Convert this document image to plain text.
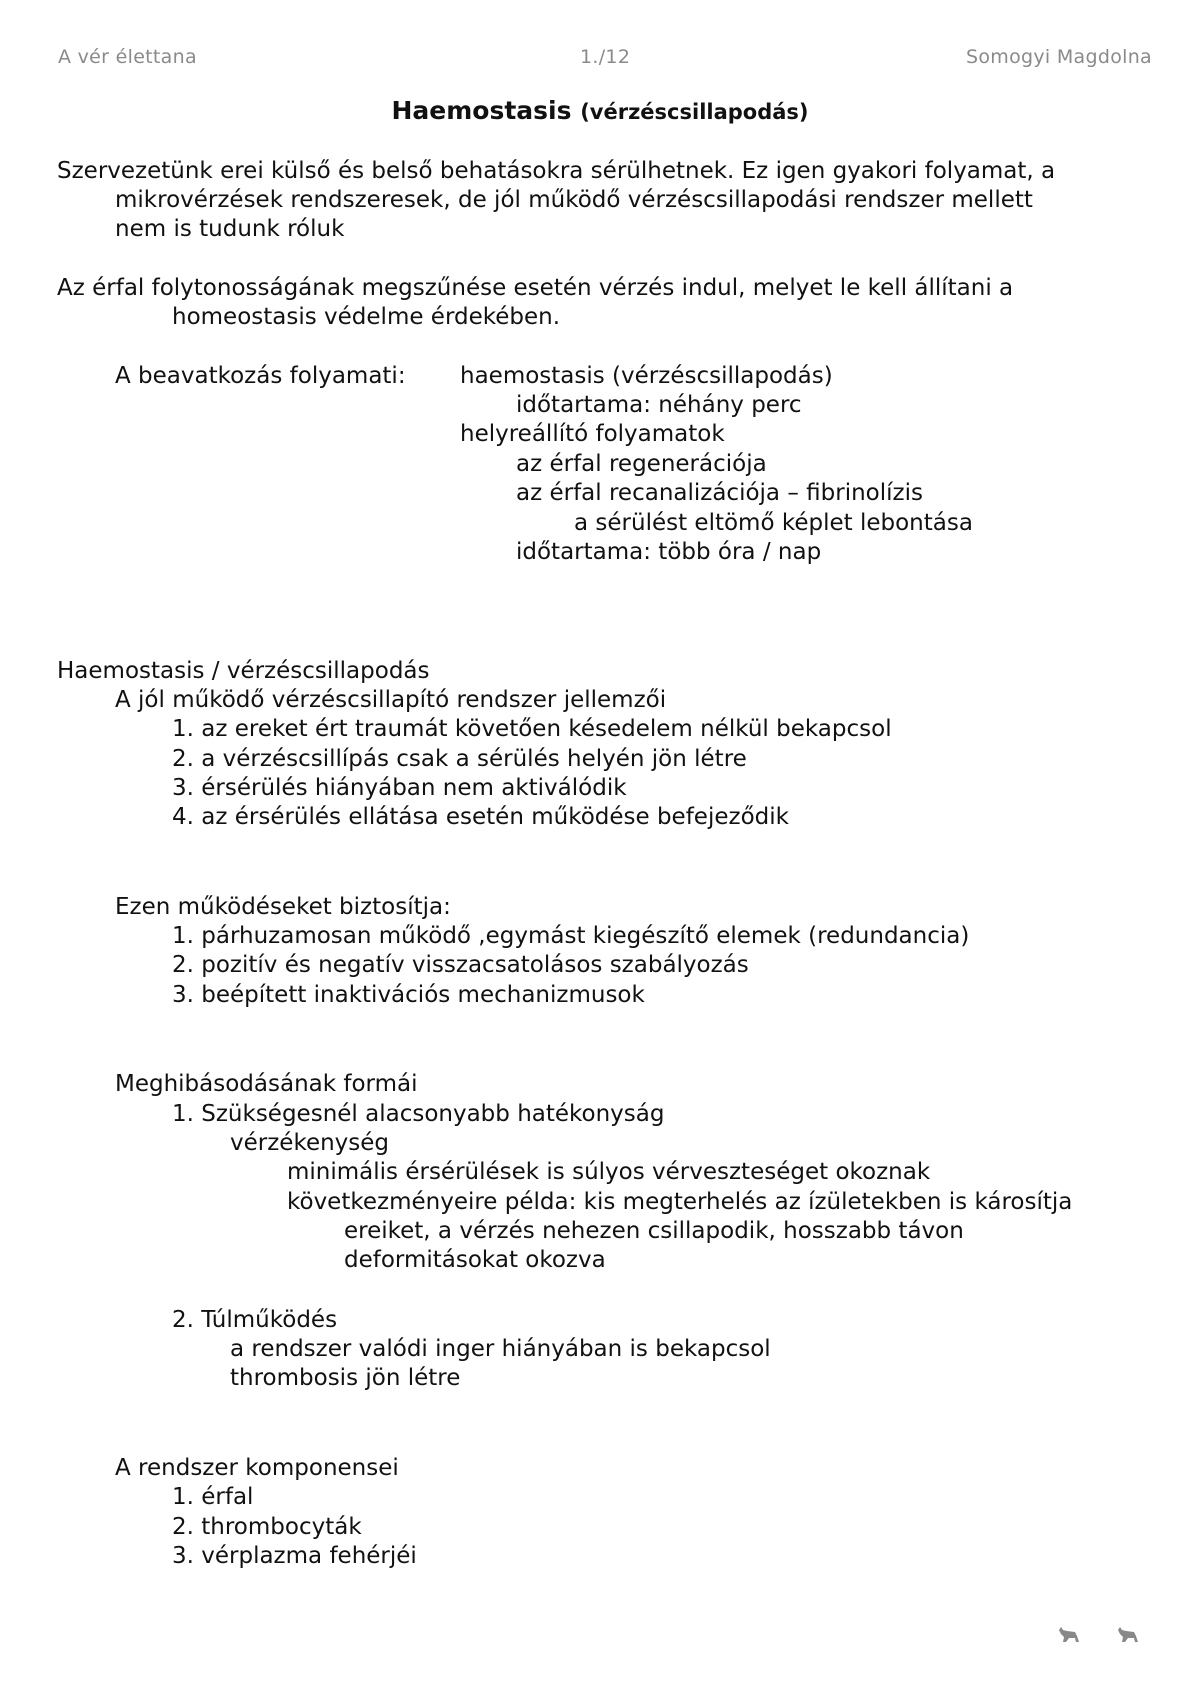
A vér élettana	1./12	Somogyi Magdolna
Haemostasis (vérzéscsillapodás)
Szervezetünk erei külső és belső behatásokra sérülhetnek. Ez igen gyakori folyamat, a
mikrovérzések rendszeresek, de jól működő vérzéscsillapodási rendszer mellett
nem is tudunk róluk
Az érfal folytonosságának megszűnése esetén vérzés indul, melyet le kell állítani a
homeostasis védelme érdekében.
A beavatkozás folyamati: haemostasis (vérzéscsillapodás)
időtartama: néhány perc
helyreállító folyamatok
az érfal regenerációja
az érfal recanalizációja – fibrinolízis
a sérülést eltömő képlet lebontása
időtartama: több óra / nap
Haemostasis / vérzéscsillapodás
A jól működő vérzéscsillapító rendszer jellemzői
1. az ereket ért traumát követően késedelem nélkül bekapcsol
2. a vérzéscsillípás csak a sérülés helyén jön létre
3. érsérülés hiányában nem aktiválódik
4. az érsérülés ellátása esetén működése befejeződik
Ezen működéseket biztosítja:
1. párhuzamosan működő ,egymást kiegészítő elemek (redundancia)
2. pozitív és negatív visszacsatolásos szabályozás
3. beépített inaktivációs mechanizmusok
Meghibásodásának formái
1. Szükségesnél alacsonyabb hatékonyság
vérzékenység
minimális érsérülések is súlyos vérveszteséget okoznak
következményeire példa: kis megterhelés az ízületekben is károsítja
ereiket, a vérzés nehezen csillapodik, hosszabb távon
deformitásokat okozva
2. Túlműködés
a rendszer valódi inger hiányában is bekapcsol
thrombosis jön létre
A rendszer komponensei
1. érfal
2. thrombocyták
3. vérplazma fehérjéi
